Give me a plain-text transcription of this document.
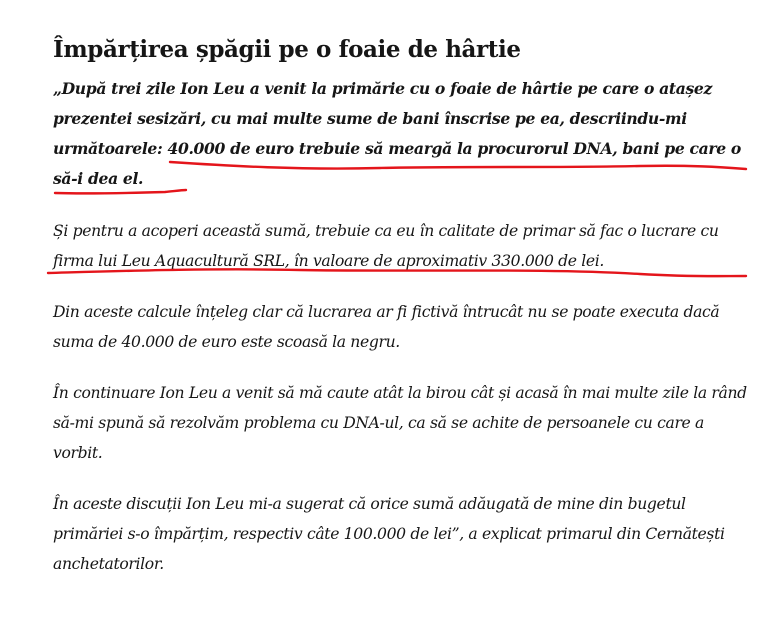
Împărțirea șpăgii pe o foaie de hârtie

„După trei zile Ion Leu a venit la primărie cu o foaie de hârtie pe care o atașez prezentei sesizări, cu mai multe sume de bani înscrise pe ea, descriindu-mi următoarele: 40.000 de euro trebuie să meargă la procurorul DNA, bani pe care o să-i dea el.

Și pentru a acoperi această sumă, trebuie ca eu în calitate de primar să fac o lucrare cu firma lui Leu Aquacultură SRL, în valoare de aproximativ 330.000 de lei.

Din aceste calcule înțeleg clar că lucrarea ar fi fictivă întrucât nu se poate executa dacă suma de 40.000 de euro este scoasă la negru.

În continuare Ion Leu a venit să mă caute atât la birou cât și acasă în mai multe zile la rând să-mi spună să rezolvăm problema cu DNA-ul, ca să se achite de persoanele cu care a vorbit.

În aceste discuții Ion Leu mi-a sugerat că orice sumă adăugată de mine din bugetul primăriei s-o împărțim, respectiv câte 100.000 de lei”, a explicat primarul din Cernătești anchetatorilor.
